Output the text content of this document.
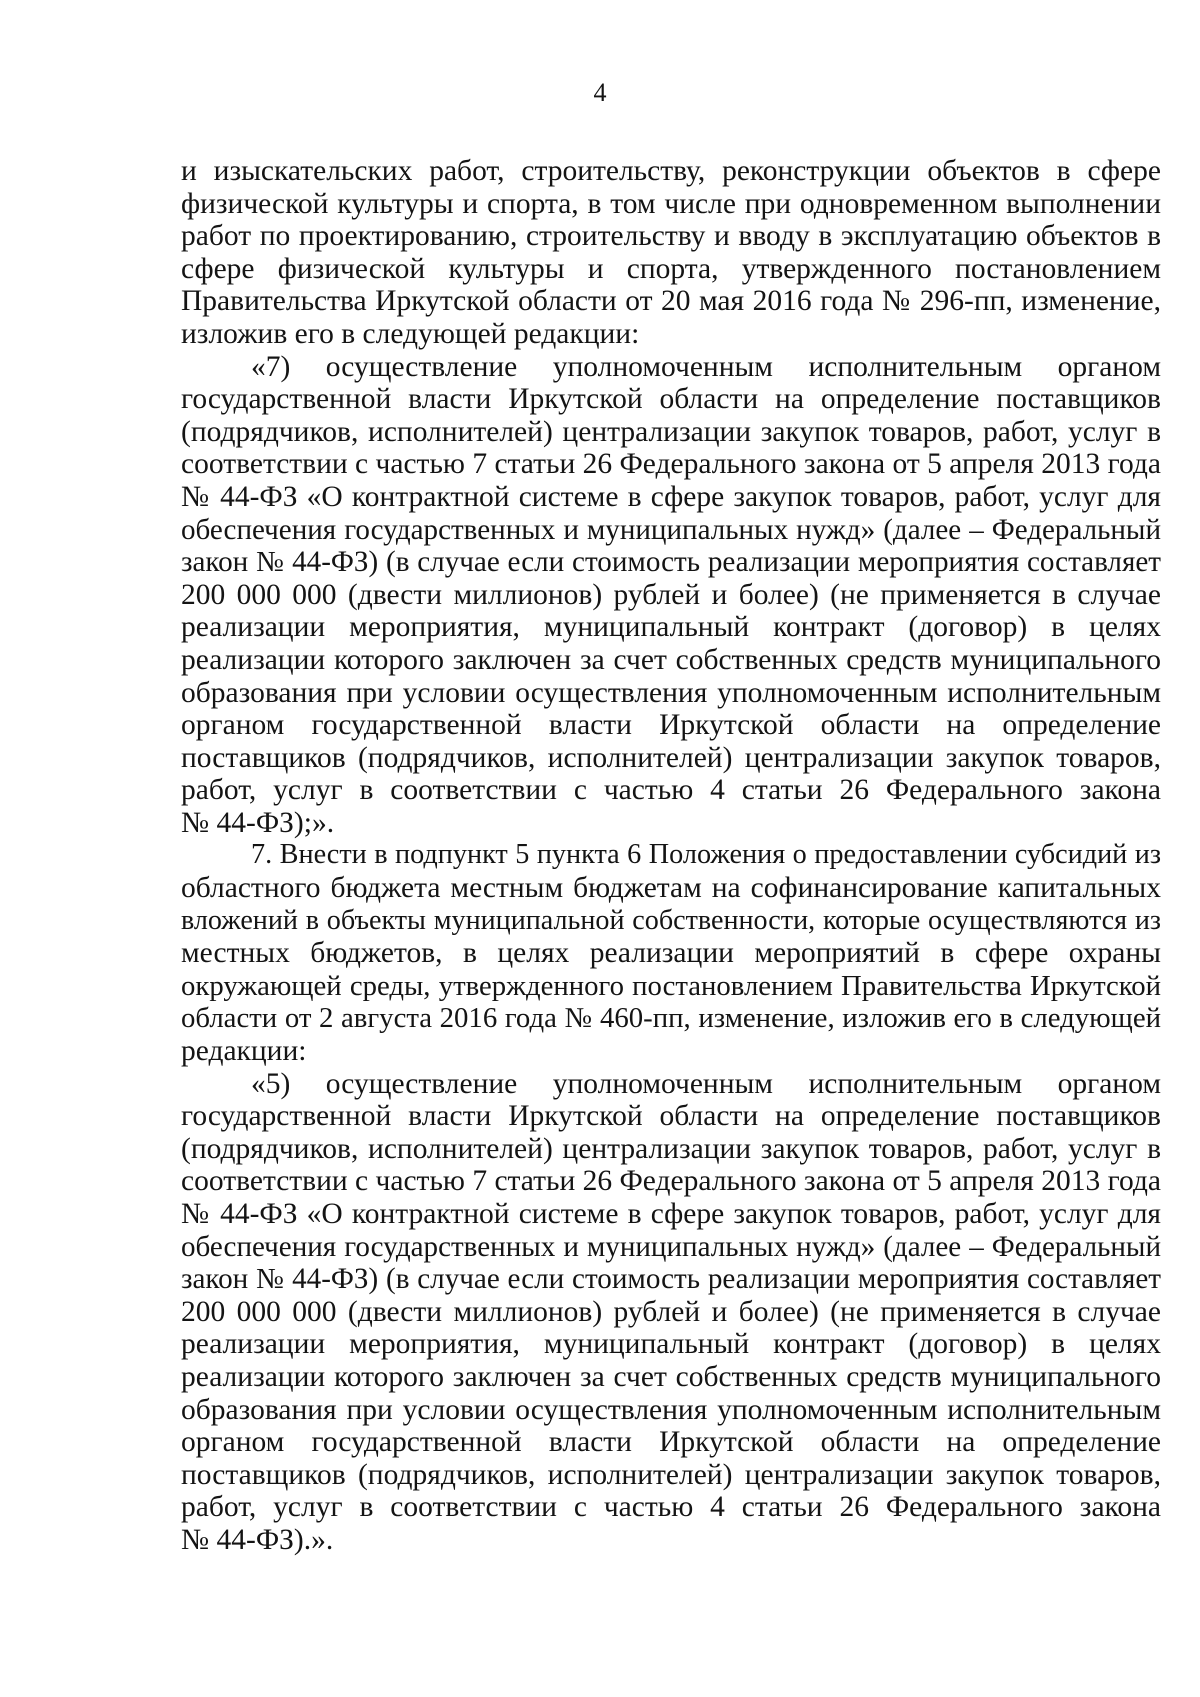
4
и изыскательских работ, строительству, реконструкции объектов в сфере
физической культуры и спорта, в том числе при одновременном выполнении
работ по проектированию, строительству и вводу в эксплуатацию объектов в
сфере физической культуры и спорта, утвержденного постановлением
Правительства Иркутской области от 20 мая 2016 года № 296-пп, изменение,
изложив его в следующей редакции:
«7) осуществление уполномоченным исполнительным органом
государственной власти Иркутской области на определение поставщиков
(подрядчиков, исполнителей) централизации закупок товаров, работ, услуг в
соответствии с частью 7 статьи 26 Федерального закона от 5 апреля 2013 года
№ 44-ФЗ «О контрактной системе в сфере закупок товаров, работ, услуг для
обеспечения государственных и муниципальных нужд» (далее – Федеральный
закон № 44-ФЗ) (в случае если стоимость реализации мероприятия составляет
200 000 000 (двести миллионов) рублей и более) (не применяется в случае
реализации мероприятия, муниципальный контракт (договор) в целях
реализации которого заключен за счет собственных средств муниципального
образования при условии осуществления уполномоченным исполнительным
органом государственной власти Иркутской области на определение
поставщиков (подрядчиков, исполнителей) централизации закупок товаров,
работ, услуг в соответствии с частью 4 статьи 26 Федерального закона
№ 44-ФЗ);».
7. Внести в подпункт 5 пункта 6 Положения о предоставлении субсидий из
областного бюджета местным бюджетам на софинансирование капитальных
вложений в объекты муниципальной собственности, которые осуществляются из
местных бюджетов, в целях реализации мероприятий в сфере охраны
окружающей среды, утвержденного постановлением Правительства Иркутской
области от 2 августа 2016 года № 460-пп, изменение, изложив его в следующей
редакции:
«5) осуществление уполномоченным исполнительным органом
государственной власти Иркутской области на определение поставщиков
(подрядчиков, исполнителей) централизации закупок товаров, работ, услуг в
соответствии с частью 7 статьи 26 Федерального закона от 5 апреля 2013 года
№ 44-ФЗ «О контрактной системе в сфере закупок товаров, работ, услуг для
обеспечения государственных и муниципальных нужд» (далее – Федеральный
закон № 44-ФЗ) (в случае если стоимость реализации мероприятия составляет
200 000 000 (двести миллионов) рублей и более) (не применяется в случае
реализации мероприятия, муниципальный контракт (договор) в целях
реализации которого заключен за счет собственных средств муниципального
образования при условии осуществления уполномоченным исполнительным
органом государственной власти Иркутской области на определение
поставщиков (подрядчиков, исполнителей) централизации закупок товаров,
работ, услуг в соответствии с частью 4 статьи 26 Федерального закона
№ 44-ФЗ).».
